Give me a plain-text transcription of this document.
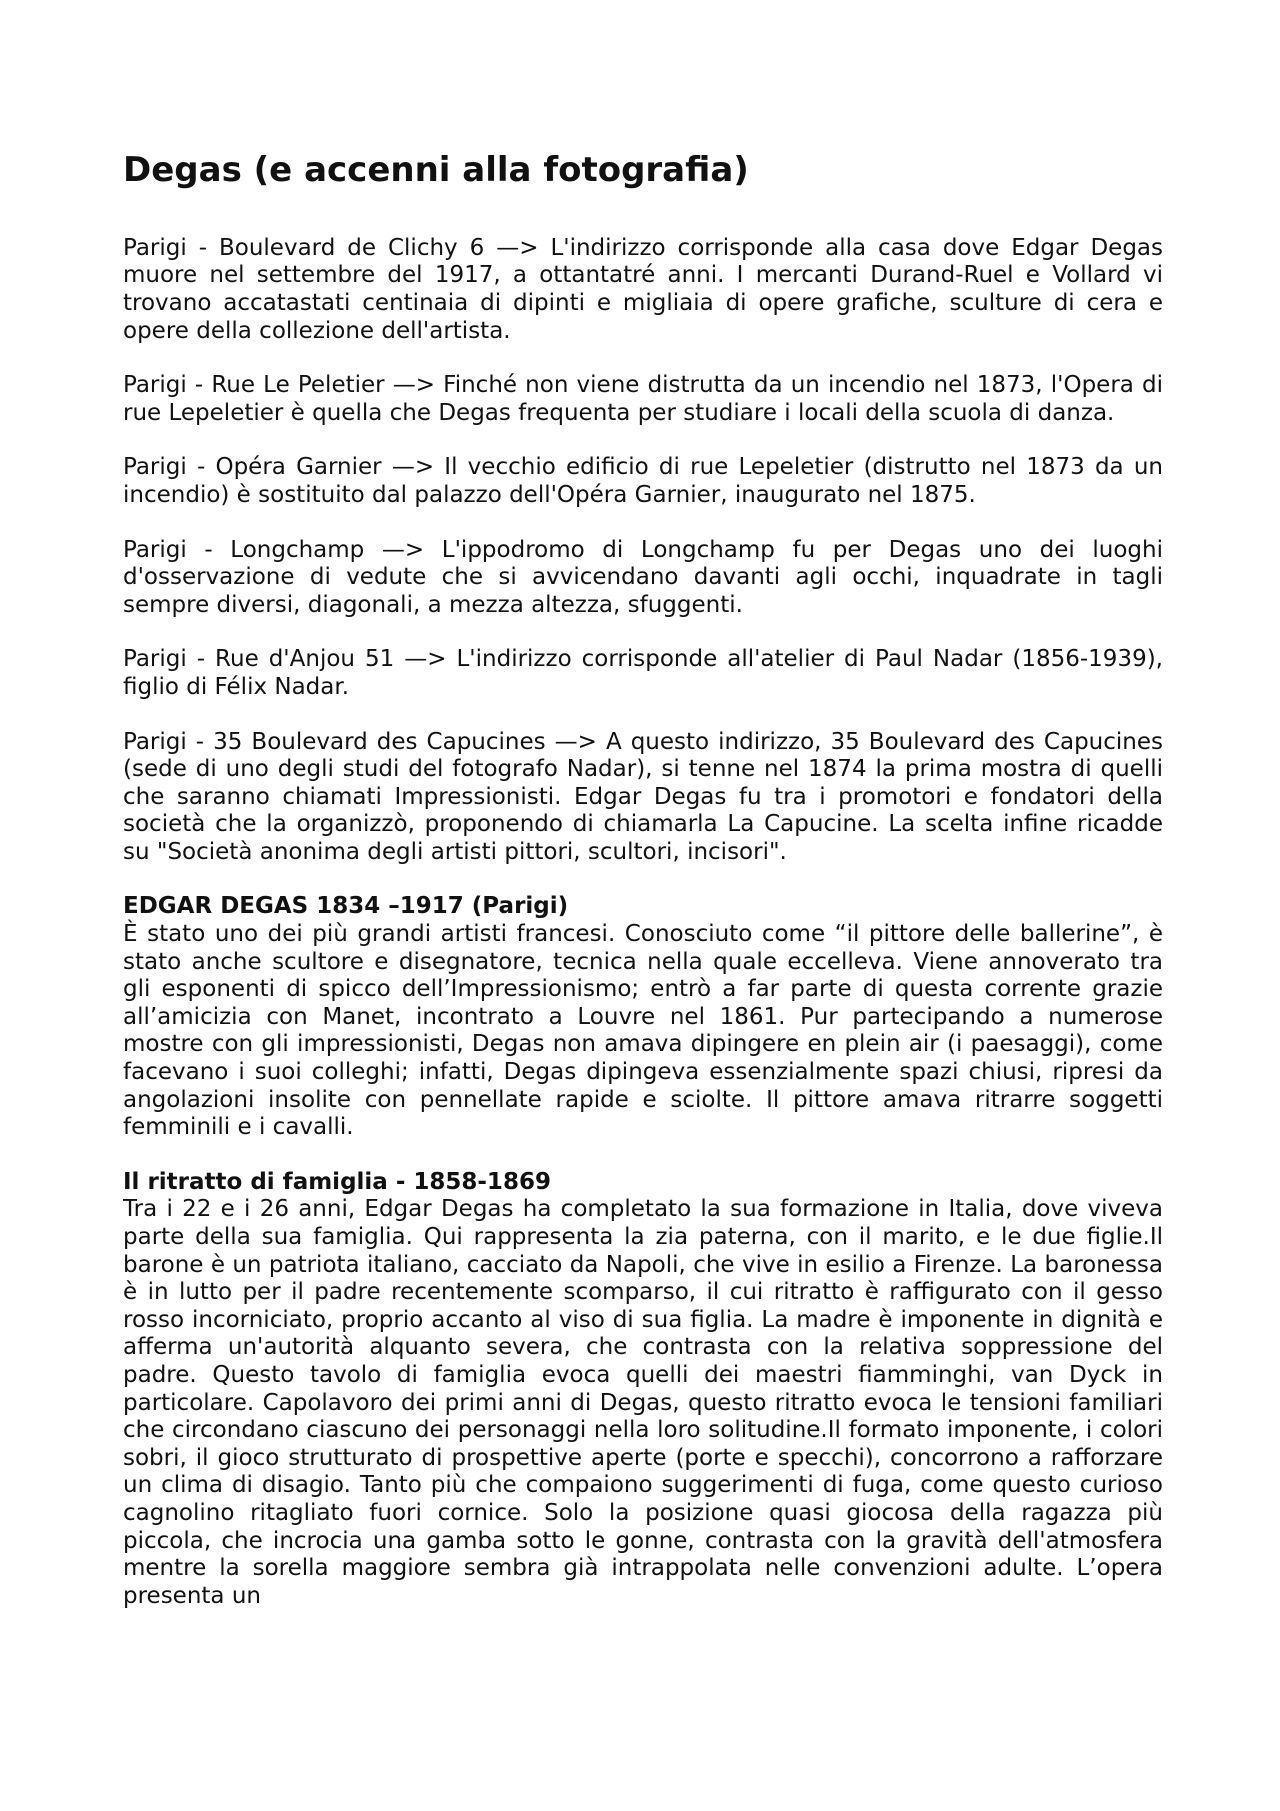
Degas (e accenni alla fotografia)

Parigi - Boulevard de Clichy 6 —> L'indirizzo corrisponde alla casa dove Edgar Degas muore nel settembre del 1917, a ottantatré anni. I mercanti Durand-Ruel e Vollard vi trovano accatastati centinaia di dipinti e migliaia di opere grafiche, sculture di cera e opere della collezione dell'artista.

Parigi - Rue Le Peletier —> Finché non viene distrutta da un incendio nel 1873, l'Opera di rue Lepeletier è quella che Degas frequenta per studiare i locali della scuola di danza.

Parigi - Opéra Garnier —> Il vecchio edificio di rue Lepeletier (distrutto nel 1873 da un incendio) è sostituito dal palazzo dell'Opéra Garnier, inaugurato nel 1875.

Parigi - Longchamp —> L'ippodromo di Longchamp fu per Degas uno dei luoghi d'osservazione di vedute che si avvicendano davanti agli occhi, inquadrate in tagli sempre diversi, diagonali, a mezza altezza, sfuggenti.

Parigi - Rue d'Anjou 51 —> L'indirizzo corrisponde all'atelier di Paul Nadar (1856-1939), figlio di Félix Nadar.

Parigi - 35 Boulevard des Capucines —> A questo indirizzo, 35 Boulevard des Capucines (sede di uno degli studi del fotografo Nadar), si tenne nel 1874 la prima mostra di quelli che saranno chiamati Impressionisti. Edgar Degas fu tra i promotori e fondatori della società che la organizzò, proponendo di chiamarla La Capucine. La scelta infine ricadde su "Società anonima degli artisti pittori, scultori, incisori".

EDGAR DEGAS 1834 –1917 (Parigi)

È stato uno dei più grandi artisti francesi. Conosciuto come “il pittore delle ballerine”, è stato anche scultore e disegnatore, tecnica nella quale eccelleva. Viene annoverato tra gli esponenti di spicco dell’Impressionismo; entrò a far parte di questa corrente grazie all’amicizia con Manet, incontrato a Louvre nel 1861. Pur partecipando a numerose mostre con gli impressionisti, Degas non amava dipingere en plein air (i paesaggi), come facevano i suoi colleghi; infatti, Degas dipingeva essenzialmente spazi chiusi, ripresi da angolazioni insolite con pennellate rapide e sciolte. Il pittore amava ritrarre soggetti femminili e i cavalli.

Il ritratto di famiglia - 1858-1869

Tra i 22 e i 26 anni, Edgar Degas ha completato la sua formazione in Italia, dove viveva parte della sua famiglia. Qui rappresenta la zia paterna, con il marito, e le due figlie.Il barone è un patriota italiano, cacciato da Napoli, che vive in esilio a Firenze. La baronessa è in lutto per il padre recentemente scomparso, il cui ritratto è raffigurato con il gesso rosso incorniciato, proprio accanto al viso di sua figlia. La madre è imponente in dignità e afferma un'autorità alquanto severa, che contrasta con la relativa soppressione del padre. Questo tavolo di famiglia evoca quelli dei maestri fiamminghi, van Dyck in particolare. Capolavoro dei primi anni di Degas, questo ritratto evoca le tensioni familiari che circondano ciascuno dei personaggi nella loro solitudine.Il formato imponente, i colori sobri, il gioco strutturato di prospettive aperte (porte e specchi), concorrono a rafforzare un clima di disagio. Tanto più che compaiono suggerimenti di fuga, come questo curioso cagnolino ritagliato fuori cornice. Solo la posizione quasi giocosa della ragazza più piccola, che incrocia una gamba sotto le gonne, contrasta con la gravità dell'atmosfera mentre la sorella maggiore sembra già intrappolata nelle convenzioni adulte. L’opera presenta un
